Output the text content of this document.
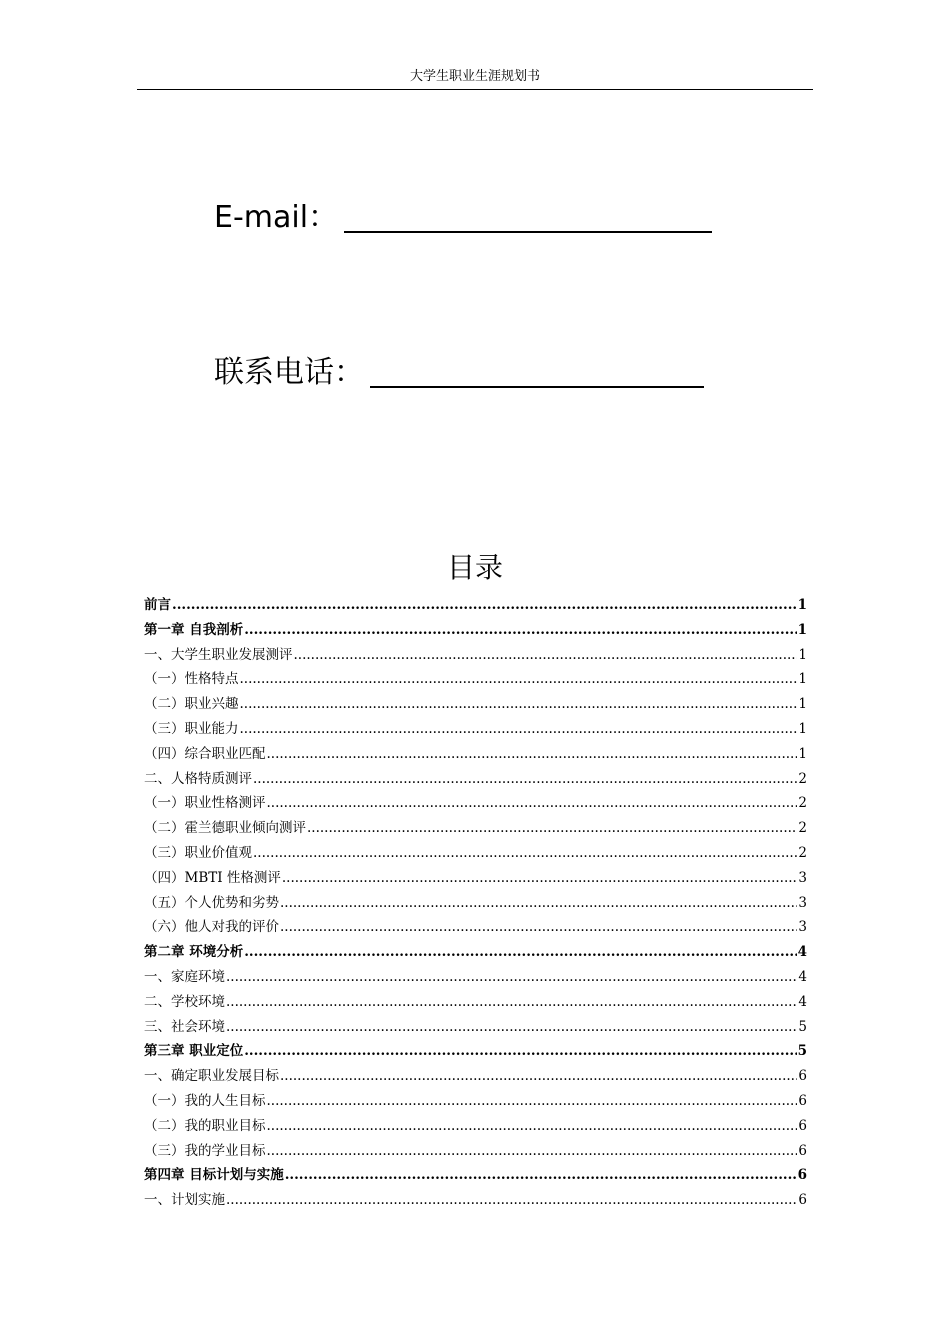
大学生职业生涯规划书
E-mail：
联系电话：
目录
前言 .....	1
第一章 自我剖析 .....	1
一、大学生职业发展测评 .....	1
（一）性格特点 .....	1
（二）职业兴趣 .....	1
（三）职业能力 .....	1
（四）综合职业匹配 .....	1
二、人格特质测评 .....	2
（一）职业性格测评 .....	2
（二）霍兰德职业倾向测评 .....	2
（三）职业价值观 .....	2
（四）MBTI 性格测评 .....	3
（五）个人优势和劣势 .....	3
（六）他人对我的评价 .....	3
第二章 环境分析 .....	4
一、家庭环境 .....	4
二、学校环境 .....	4
三、社会环境 .....	5
第三章 职业定位 .....	5
一、确定职业发展目标 .....	6
（一）我的人生目标 .....	6
（二）我的职业目标 .....	6
（三）我的学业目标 .....	6
第四章 目标计划与实施 .....	6
一、计划实施 .....	6
